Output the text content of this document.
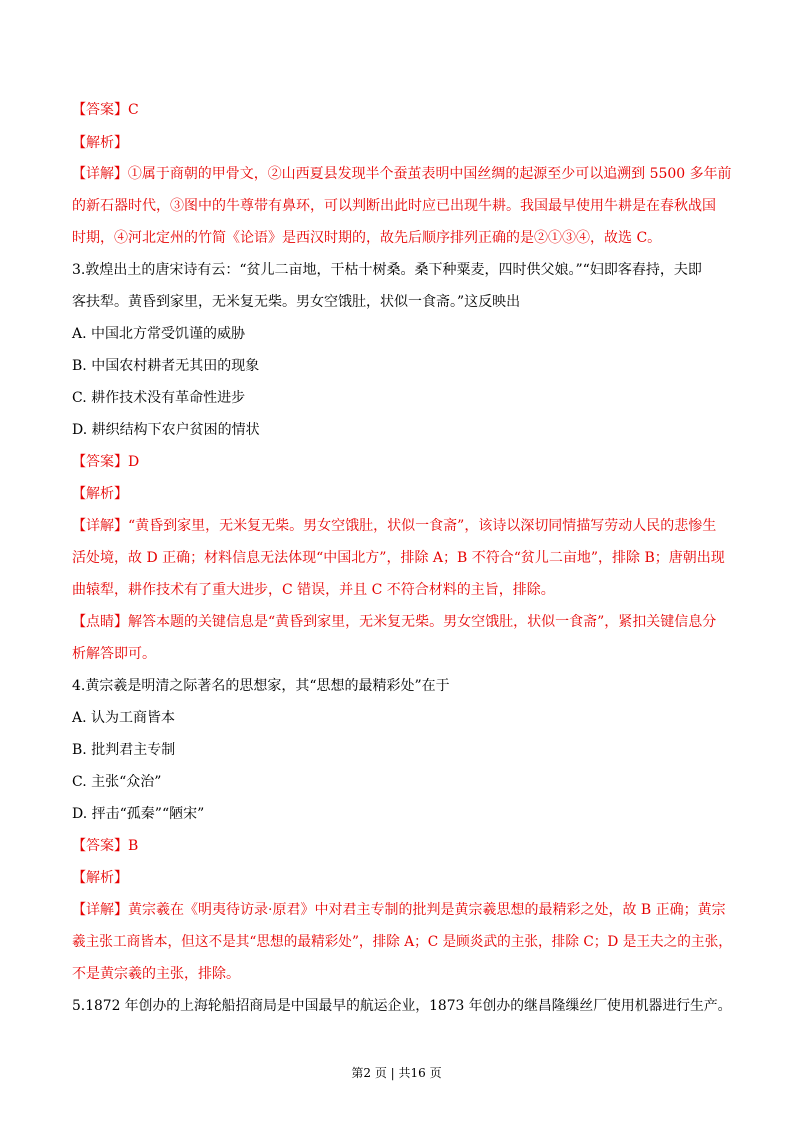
【答案】C
【解析】
【详解】①属于商朝的甲骨文，②山西夏县发现半个蚕茧表明中国丝绸的起源至少可以追溯到 5500 多年前
的新石器时代，③图中的牛尊带有鼻环，可以判断出此时应已出现牛耕。我国最早使用牛耕是在春秋战国
时期，④河北定州的竹简《论语》是西汉时期的，故先后顺序排列正确的是②①③④，故选 C。
3.敦煌出土的唐宋诗有云：“贫儿二亩地，干枯十树桑。桑下种粟麦，四时供父娘。”“妇即客舂持，夫即
客扶犁。黄昏到家里，无米复无柴。男女空饿肚，状似一食斋。”这反映出
A. 中国北方常受饥谨的威胁
B. 中国农村耕者无其田的现象
C. 耕作技术没有革命性进步
D. 耕织结构下农户贫困的情状
【答案】D
【解析】
【详解】“黄昏到家里，无米复无柴。男女空饿肚，状似一食斋”，该诗以深切同情描写劳动人民的悲惨生
活处境，故 D 正确；材料信息无法体现“中国北方”，排除 A；B 不符合“贫儿二亩地”，排除 B；唐朝出现
曲辕犁，耕作技术有了重大进步，C 错误，并且 C 不符合材料的主旨，排除。
【点睛】解答本题的关键信息是“黄昏到家里，无米复无柴。男女空饿肚，状似一食斋”，紧扣关键信息分
析解答即可。
4.黄宗羲是明清之际著名的思想家，其“思想的最精彩处”在于
A. 认为工商皆本
B. 批判君主专制
C. 主张“众治”
D. 抨击“孤秦”“陋宋”
【答案】B
【解析】
【详解】黄宗羲在《明夷待访录·原君》中对君主专制的批判是黄宗羲思想的最精彩之处，故 B 正确；黄宗
羲主张工商皆本，但这不是其“思想的最精彩处”，排除 A；C 是顾炎武的主张，排除 C；D 是王夫之的主张，
不是黄宗羲的主张，排除。
5.1872 年创办的上海轮船招商局是中国最早的航运企业，1873 年创办的继昌隆缫丝厂使用机器进行生产。
第2 页 | 共16 页
